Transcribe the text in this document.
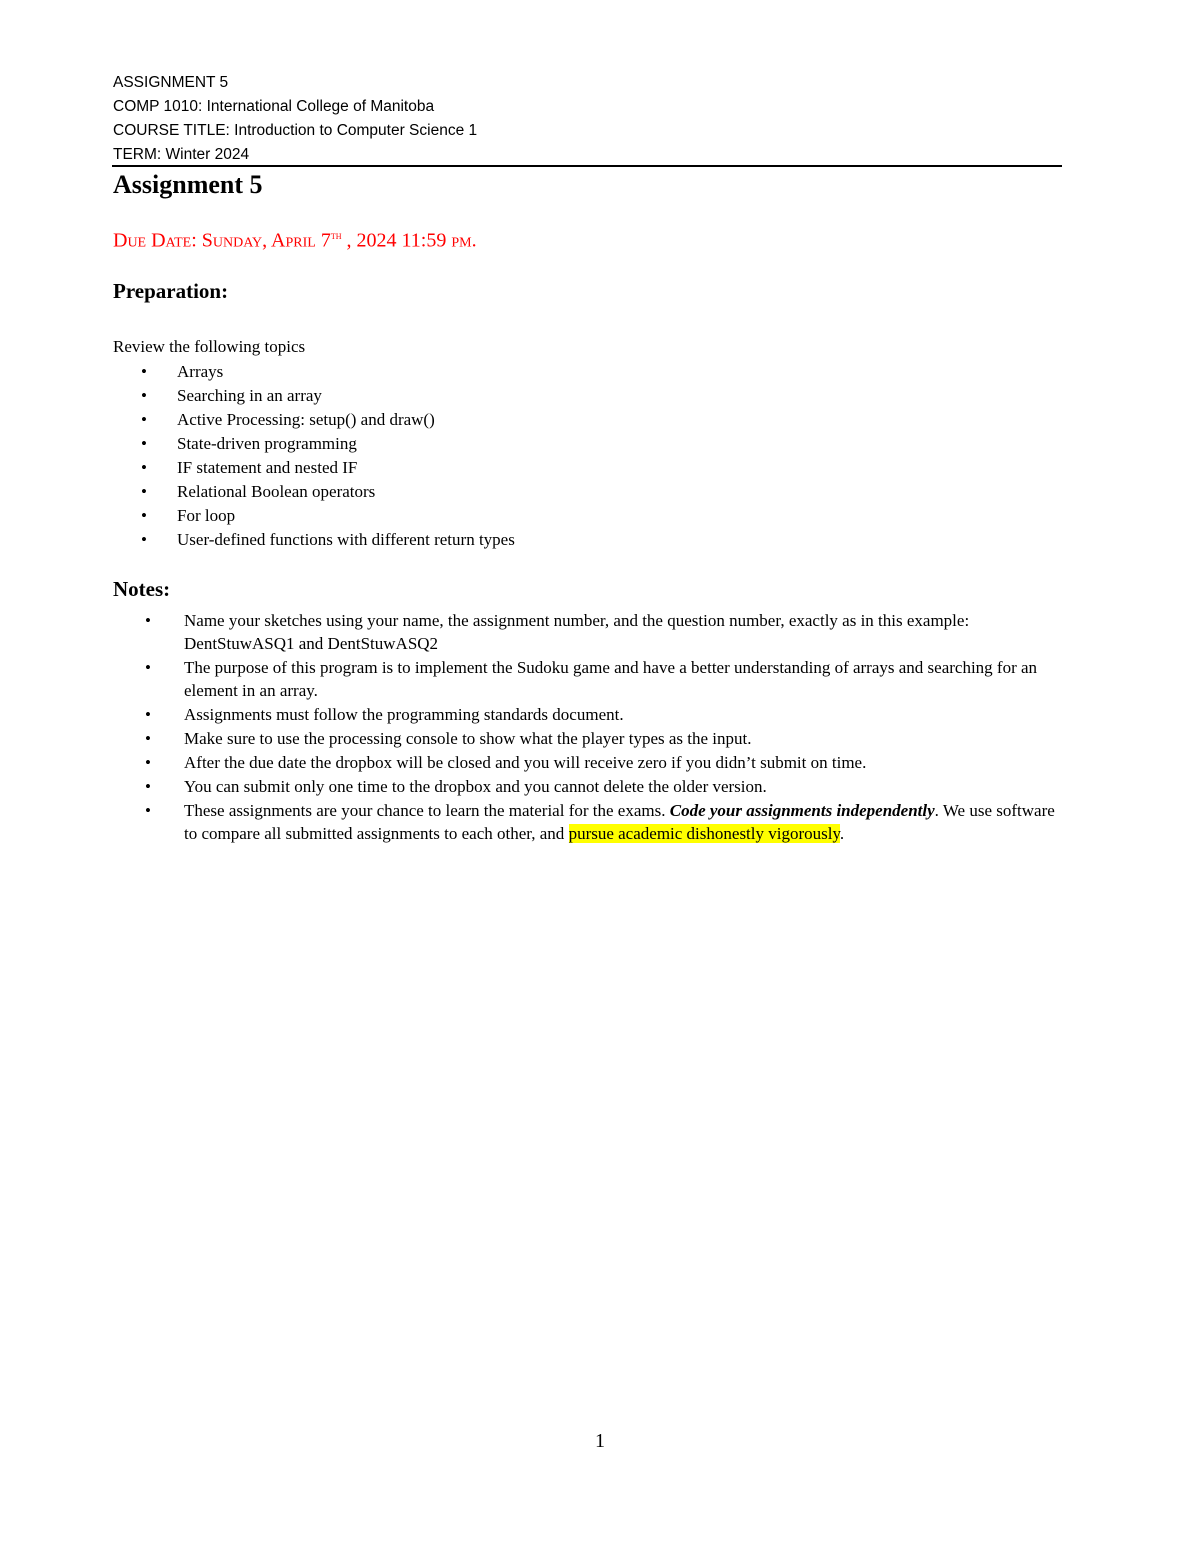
ASSIGNMENT 5
COMP 1010: International College of Manitoba
COURSE TITLE: Introduction to Computer Science 1
TERM: Winter 2024
Assignment 5
Due Date: Sunday, April 7th , 2024 11:59 pm.
Preparation:
Review the following topics
• Arrays
• Searching in an array
• Active Processing: setup() and draw()
• State-driven programming
• IF statement and nested IF
• Relational Boolean operators
• For loop
• User-defined functions with different return types
Notes:
• Name your sketches using your name, the assignment number, and the question number, exactly as in this example: DentStuwASQ1 and DentStuwASQ2
• The purpose of this program is to implement the Sudoku game and have a better understanding of arrays and searching for an element in an array.
• Assignments must follow the programming standards document.
• Make sure to use the processing console to show what the player types as the input.
• After the due date the dropbox will be closed and you will receive zero if you didn’t submit on time.
• You can submit only one time to the dropbox and you cannot delete the older version.
• These assignments are your chance to learn the material for the exams. Code your assignments independently. We use software to compare all submitted assignments to each other, and pursue academic dishonestly vigorously.
1
